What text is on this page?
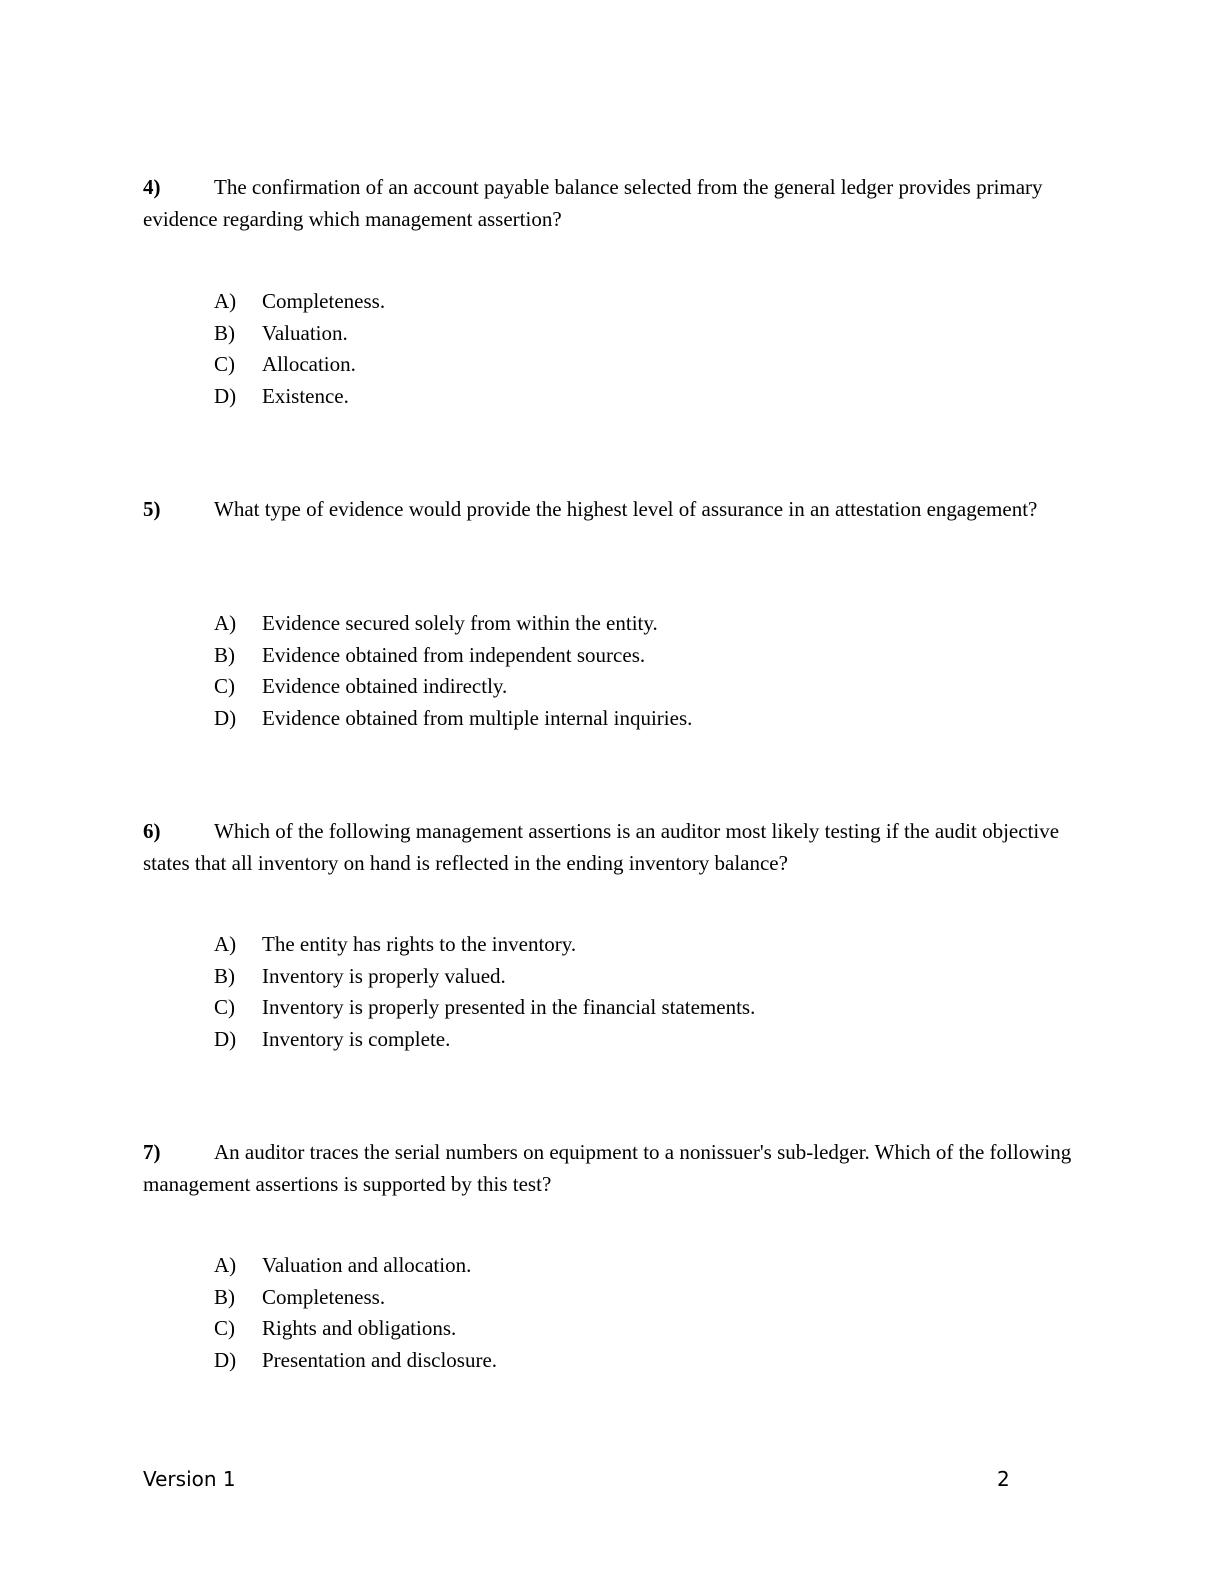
4)	The confirmation of an account payable balance selected from the general ledger provides primary evidence regarding which management assertion?

A) Completeness.
B) Valuation.
C) Allocation.
D) Existence.

5)	What type of evidence would provide the highest level of assurance in an attestation engagement?

A) Evidence secured solely from within the entity.
B) Evidence obtained from independent sources.
C) Evidence obtained indirectly.
D) Evidence obtained from multiple internal inquiries.

6)	Which of the following management assertions is an auditor most likely testing if the audit objective states that all inventory on hand is reflected in the ending inventory balance?

A) The entity has rights to the inventory.
B) Inventory is properly valued.
C) Inventory is properly presented in the financial statements.
D) Inventory is complete.

7)	An auditor traces the serial numbers on equipment to a nonissuer's sub-ledger. Which of the following management assertions is supported by this test?

A) Valuation and allocation.
B) Completeness.
C) Rights and obligations.
D) Presentation and disclosure.
Version 1	2
